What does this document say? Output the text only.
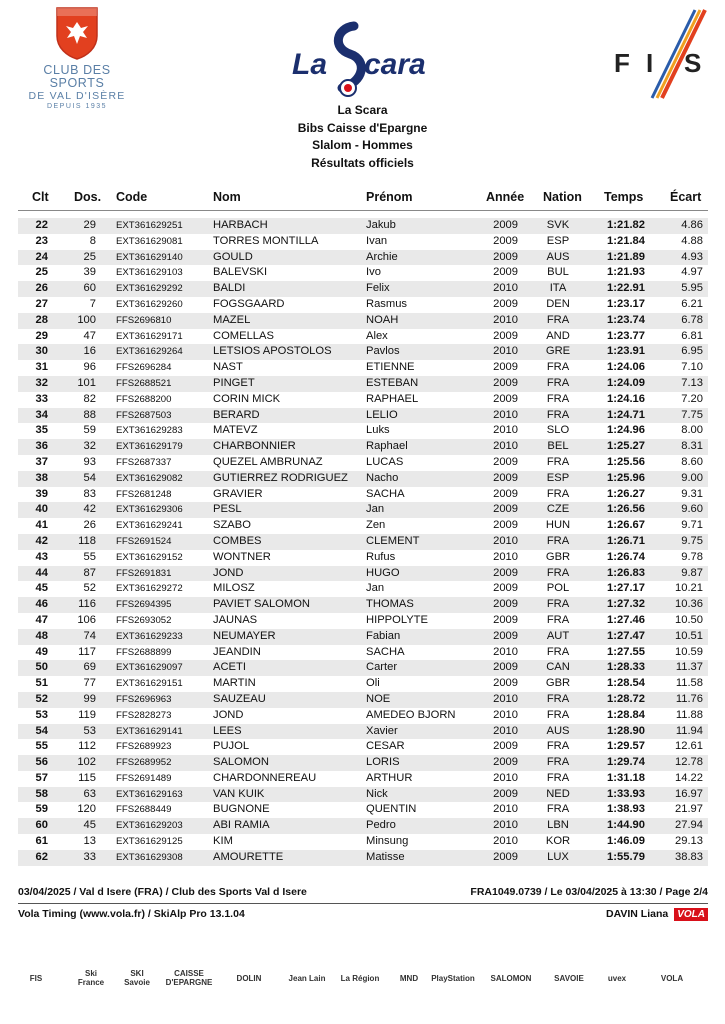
CLUB DES SPORTS
DE VAL D'ISÈRE
DEPUIS 1935
La cara	F I S
La Scara
Bibs Caisse d'Epargne
Slalom - Hommes
Résultats officiels
Clt Dos. Code	Nom	Prénom	Année Nation Temps Écart
22	29 EXT361629251	HARBACH	Jakub	2009	SVK	1:21.82	4.86
23	8 EXT361629081	TORRES MONTILLA	Ivan	2009	ESP	1:21.84	4.88
24	25 EXT361629140	GOULD	Archie	2009	AUS	1:21.89	4.93
25	39 EXT361629103	BALEVSKI	Ivo	2009	BUL	1:21.93	4.97
26	60 EXT361629292	BALDI	Felix	2010	ITA	1:22.91	5.95
27	7 EXT361629260	FOGSGAARD	Rasmus	2009	DEN	1:23.17	6.21
28	100 FFS2696810	MAZEL	NOAH	2010	FRA	1:23.74	6.78
29	47 EXT361629171	COMELLAS	Alex	2009	AND	1:23.77	6.81
30	16 EXT361629264	LETSIOS APOSTOLOS	Pavlos	2010	GRE	1:23.91	6.95
31	96 FFS2696284	NAST	ETIENNE	2009	FRA	1:24.06	7.10
32	101 FFS2688521	PINGET	ESTEBAN	2009	FRA	1:24.09	7.13
33	82 FFS2688200	CORIN MICK	RAPHAEL	2009	FRA	1:24.16	7.20
34	88 FFS2687503	BERARD	LELIO	2010	FRA	1:24.71	7.75
35	59 EXT361629283	MATEVZ	Luks	2010	SLO	1:24.96	8.00
36	32 EXT361629179	CHARBONNIER	Raphael	2010	BEL	1:25.27	8.31
37	93 FFS2687337	QUEZEL AMBRUNAZ	LUCAS	2009	FRA	1:25.56	8.60
38	54 EXT361629082	GUTIERREZ RODRIGUEZ Nacho	2009	ESP	1:25.96	9.00
39	83 FFS2681248	GRAVIER	SACHA	2009	FRA	1:26.27	9.31
40	42 EXT361629306	PESL	Jan	2009	CZE	1:26.56	9.60
41	26 EXT361629241	SZABO	Zen	2009	HUN	1:26.67	9.71
42	118 FFS2691524	COMBES	CLEMENT	2010	FRA	1:26.71	9.75
43	55 EXT361629152	WONTNER	Rufus	2010	GBR	1:26.74	9.78
44	87 FFS2691831	JOND	HUGO	2009	FRA	1:26.83	9.87
45	52 EXT361629272	MILOSZ	Jan	2009	POL	1:27.17	10.21
46	116 FFS2694395	PAVIET SALOMON	THOMAS	2009	FRA	1:27.32	10.36
47	106 FFS2693052	JAUNAS	HIPPOLYTE	2009	FRA	1:27.46	10.50
48	74 EXT361629233	NEUMAYER	Fabian	2009	AUT	1:27.47	10.51
49	117 FFS2688899	JEANDIN	SACHA	2010	FRA	1:27.55	10.59
50	69 EXT361629097	ACETI	Carter	2009	CAN	1:28.33	11.37
51	77 EXT361629151	MARTIN	Oli	2009	GBR	1:28.54	11.58
52	99 FFS2696963	SAUZEAU	NOE	2010	FRA	1:28.72	11.76
53	119 FFS2828273	JOND	AMEDEO BJORN	2010	FRA	1:28.84	11.88
54	53 EXT361629141	LEES	Xavier	2010	AUS	1:28.90	11.94
55	112 FFS2689923	PUJOL	CESAR	2009	FRA	1:29.57	12.61
56	102 FFS2689952	SALOMON	LORIS	2009	FRA	1:29.74	12.78
57	115 FFS2691489	CHARDONNEREAU	ARTHUR	2010	FRA	1:31.18	14.22
58	63 EXT361629163	VAN KUIK	Nick	2009	NED	1:33.93	16.97
59	120 FFS2688449	BUGNONE	QUENTIN	2010	FRA	1:38.93	21.97
60	45 EXT361629203	ABI RAMIA	Pedro	2010	LBN	1:44.90	27.94
61	13 EXT361629125	KIM	Minsung	2010	KOR	1:46.09	29.13
62	33 EXT361629308	AMOURETTE	Matisse	2009	LUX	1:55.79	38.83
03/04/2025 / Val d Isere (FRA) / Club des Sports Val d Isere	FRA1049.0739 / Le 03/04/2025 à 13:30 / Page 2/4
Vola Timing (www.vola.fr) / SkiAlp Pro 13.1.04	DAVIN Liana VOLA
FIS	Ski France
SKI Savoie
CAISSE D'EPARGNE	DOLIN	Jean Lain La Région	MND	PlayStation	SALOMON	SAVOIE	uvex	VOLA
